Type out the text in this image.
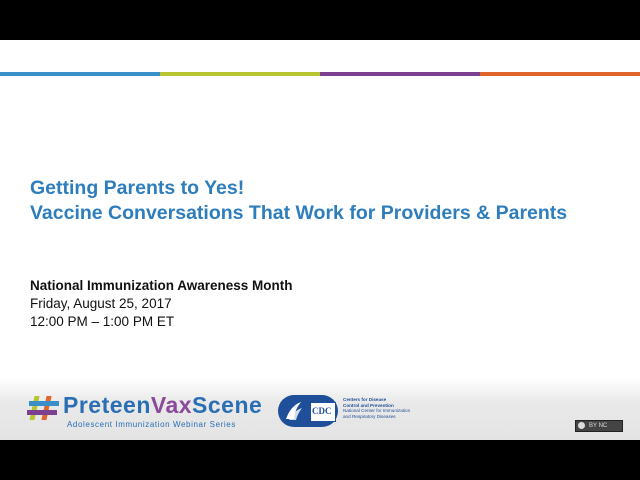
Getting Parents to Yes!
Vaccine Conversations That Work for Providers & Parents
National Immunization Awareness Month
Friday, August 25, 2017
12:00 PM – 1:00 PM ET
PreteenVaxScene
Adolescent Immunization Webinar Series
CDC
Centers for Disease
Control and Prevention
National Center for Immunization
and Respiratory Diseases
BY NC
